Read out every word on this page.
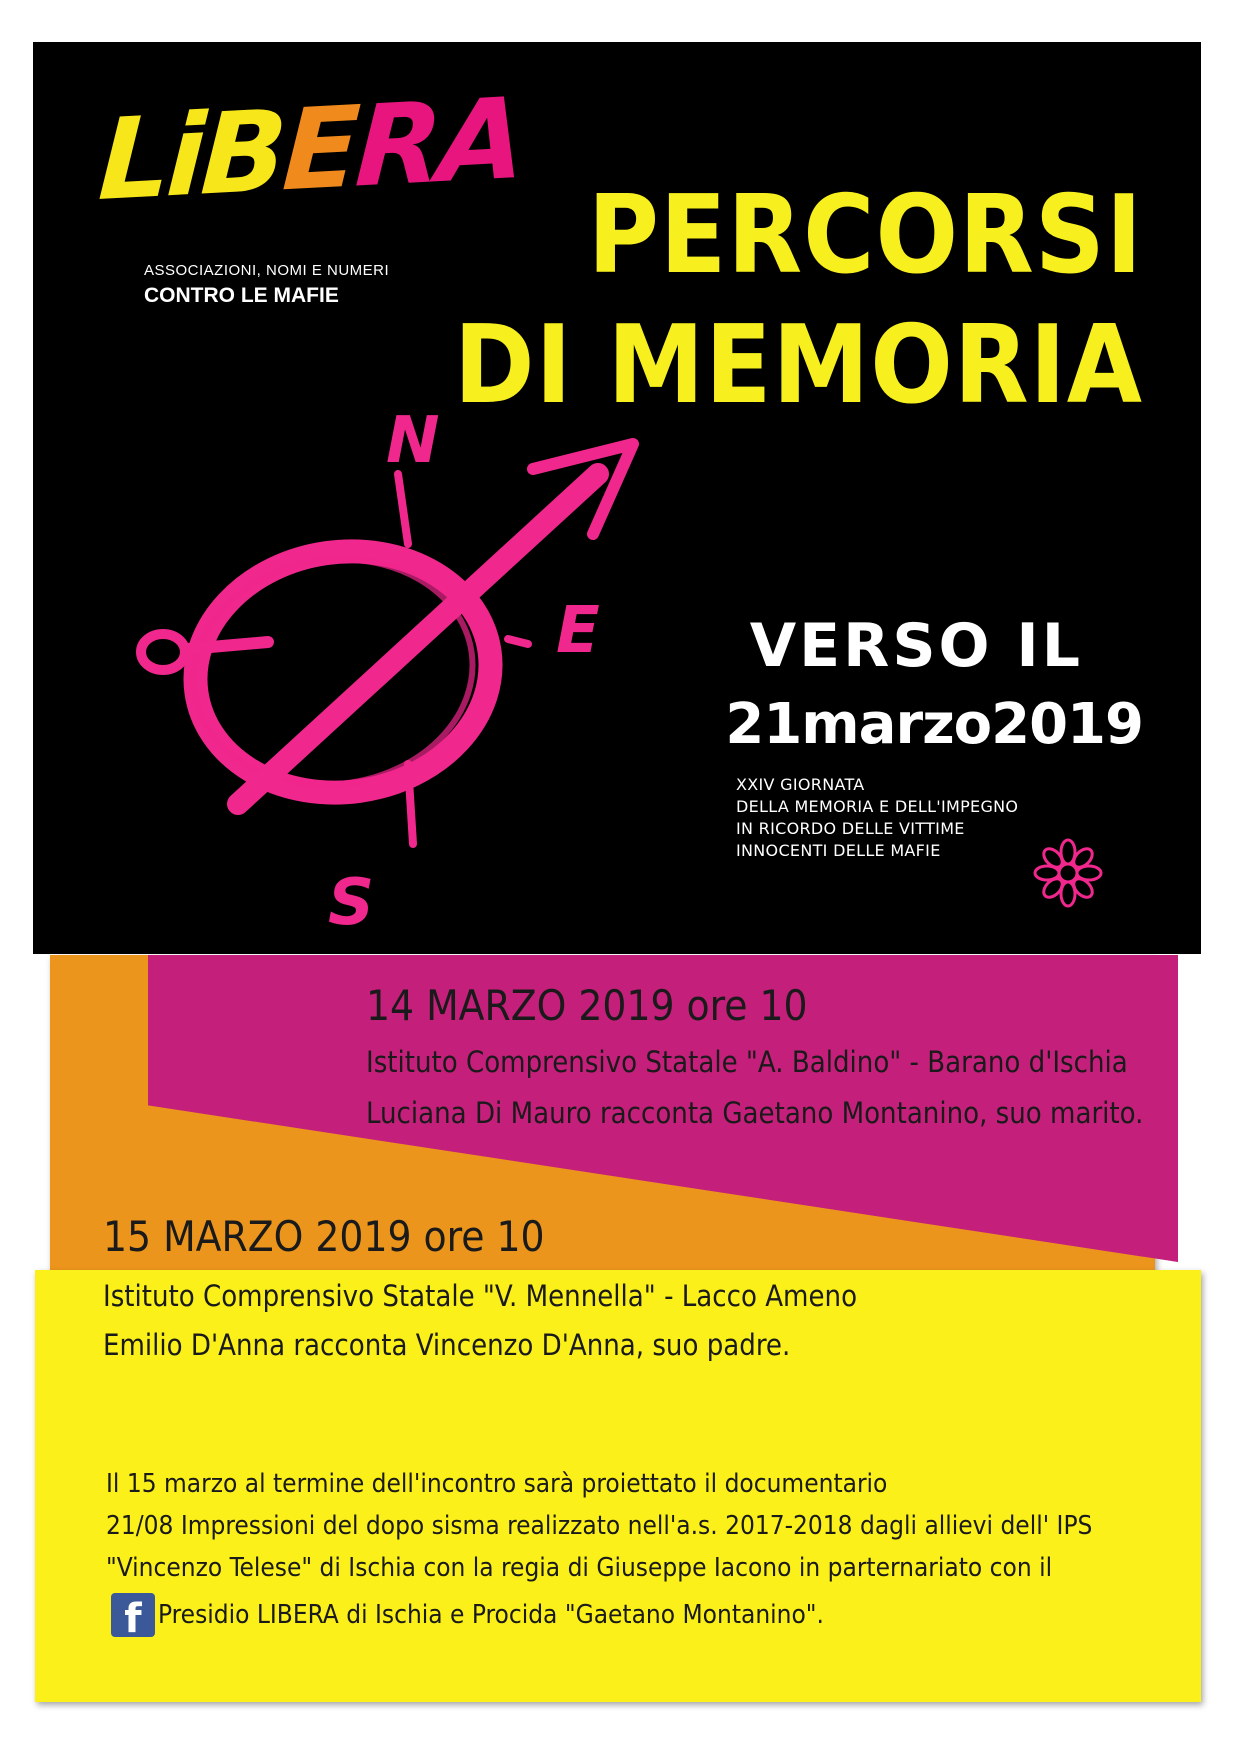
LiBERA
ASSOCIAZIONI, NOMI E NUMERI
CONTRO LE MAFIE PERCORSI
DI MEMORIA
N
E
S
VERSO IL
21marzo2019
XXIV GIORNATA
DELLA MEMORIA E DELL'IMPEGNO
IN RICORDO DELLE VITTIME
INNOCENTI DELLE MAFIE
14 MARZO 2019 ore 10
Istituto Comprensivo Statale "A. Baldino" - Barano d'Ischia
Luciana Di Mauro racconta Gaetano Montanino, suo marito.
15 MARZO 2019 ore 10
Istituto Comprensivo Statale "V. Mennella" - Lacco Ameno
Emilio D'Anna racconta Vincenzo D'Anna, suo padre.
Il 15 marzo al termine dell'incontro sarà proiettato il documentario
21/08 Impressioni del dopo sisma realizzato nell'a.s. 2017-2018 dagli allievi dell' IPS
"Vincenzo Telese" di Ischia con la regia di Giuseppe Iacono in parternariato con il
f Presidio LIBERA di Ischia e Procida "Gaetano Montanino".
